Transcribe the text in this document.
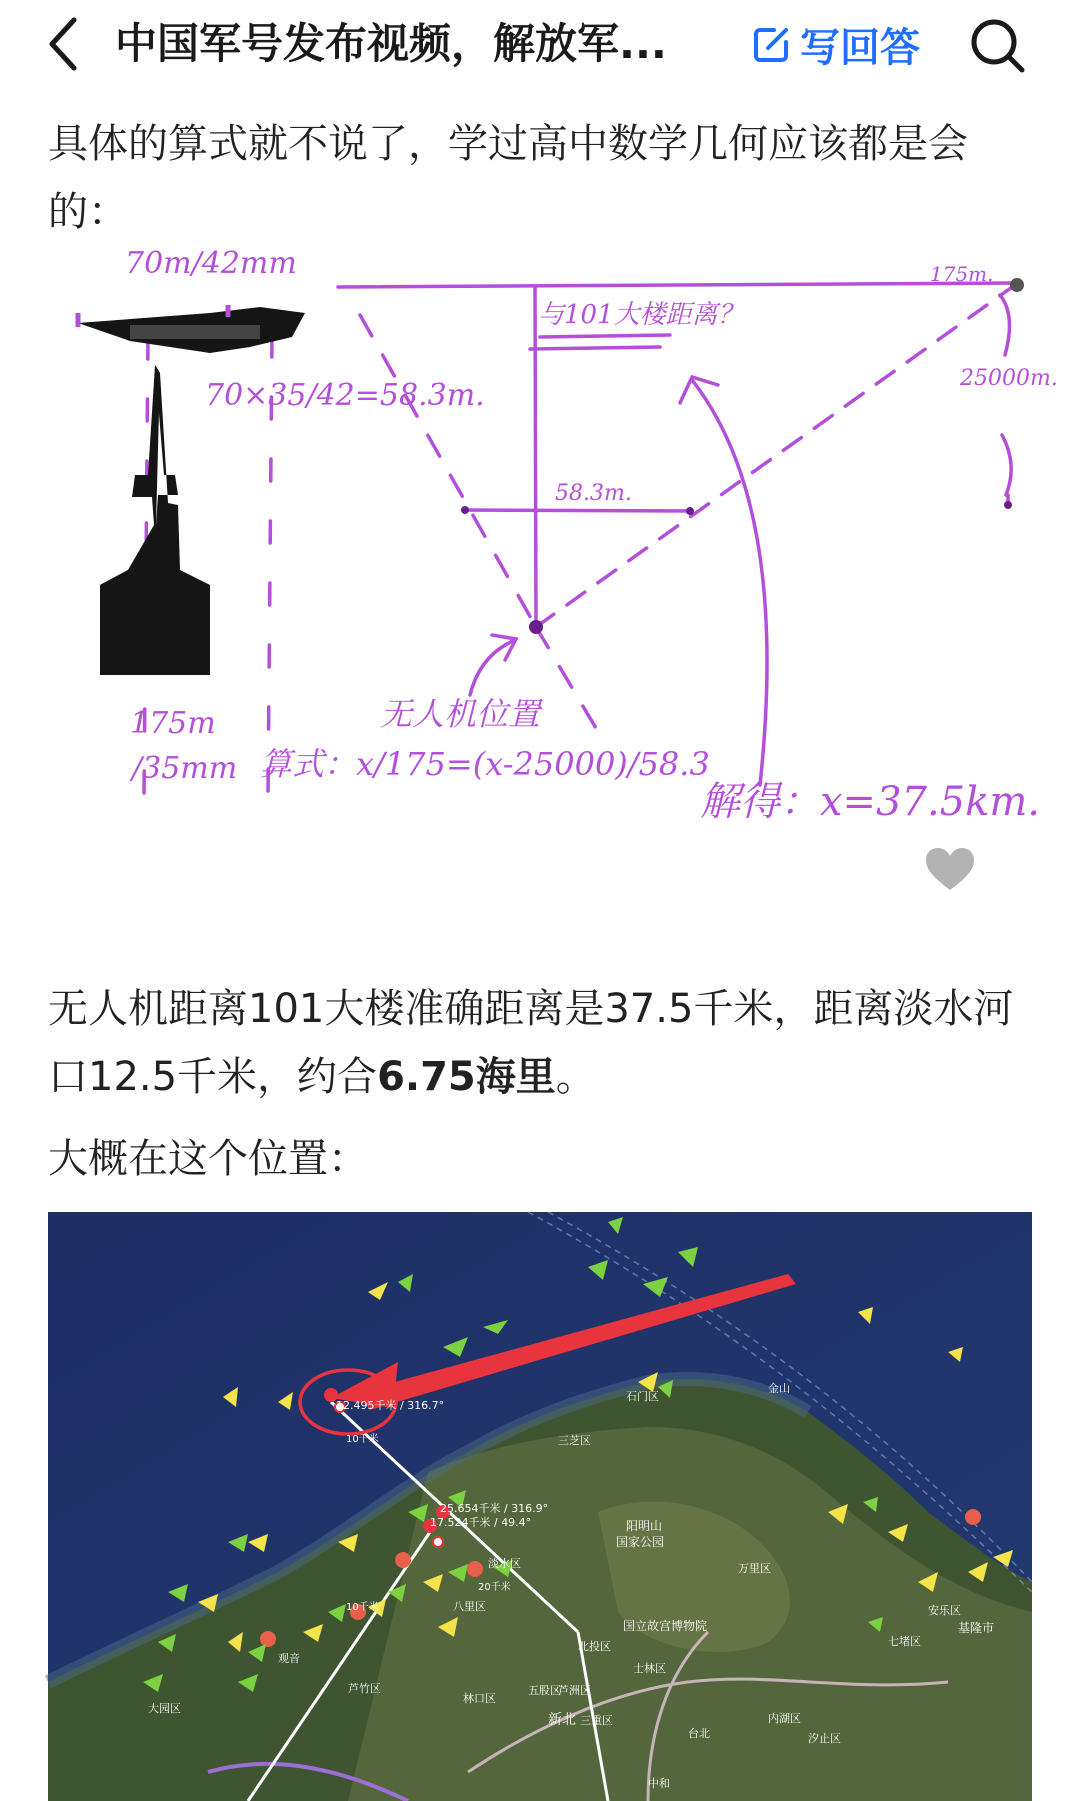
中国军号发布视频，解放军...	写回答
具体的算式就不说了，学过高中数学几何应该都是会的：
70m/42mm	175m.
25000m.
与101大楼距离？
70×35/42=58.3m.
58.3m.
无人机位置
175m
/35mm 算式：x/175=(x-25000)/58.3
解得：x=37.5km.
无人机距离101大楼准确距离是37.5千米，距离淡水河口12.5千米，约合6.75海里。
大概在这个位置：
12.495千米 / 316.7°
10千米
25.654千米 / 316.9°
17.524千米 / 49.4°
20千米
10千米
阳明山
国家公园
三芝区
石门区
淡水区
八里区
万里区
基隆市
国立故宫博物院
北投区
士林区
芦洲区
五股区
林口区
新北 三重区
七堵区
安乐区
内湖区
汐止区
芦竹区
大园区
台北
金山
中和
观音
